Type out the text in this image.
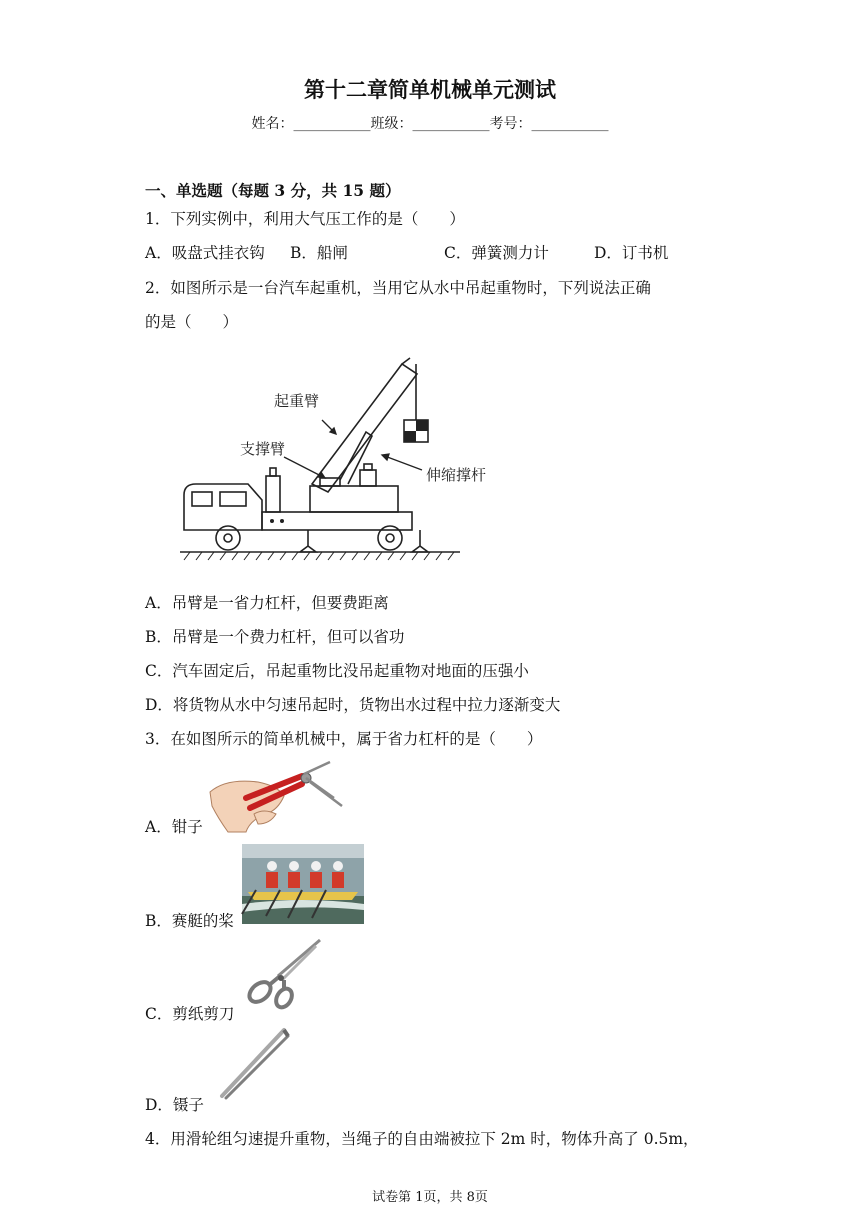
第十二章简单机械单元测试
姓名：___________班级：___________考号：___________
一、单选题（每题 3 分，共 15 题）
1．下列实例中，利用大气压工作的是（　　）
A．吸盘式挂衣钩 B．船闸	C．弹簧测力计	D．订书机
2．如图所示是一台汽车起重机，当用它从水中吊起重物时，下列说法正确
的是（　　）
起重臂
支撑臂
伸缩撑杆
A．吊臂是一省力杠杆，但要费距离
B．吊臂是一个费力杠杆，但可以省功
C．汽车固定后，吊起重物比没吊起重物对地面的压强小
D．将货物从水中匀速吊起时，货物出水过程中拉力逐渐变大
3．在如图所示的简单机械中，属于省力杠杆的是（　　）
A．钳子
B．赛艇的桨
C．剪纸剪刀
D．镊子
4．用滑轮组匀速提升重物，当绳子的自由端被拉下 2m 时，物体升高了 0.5m，
试卷第 1页，共 8页
